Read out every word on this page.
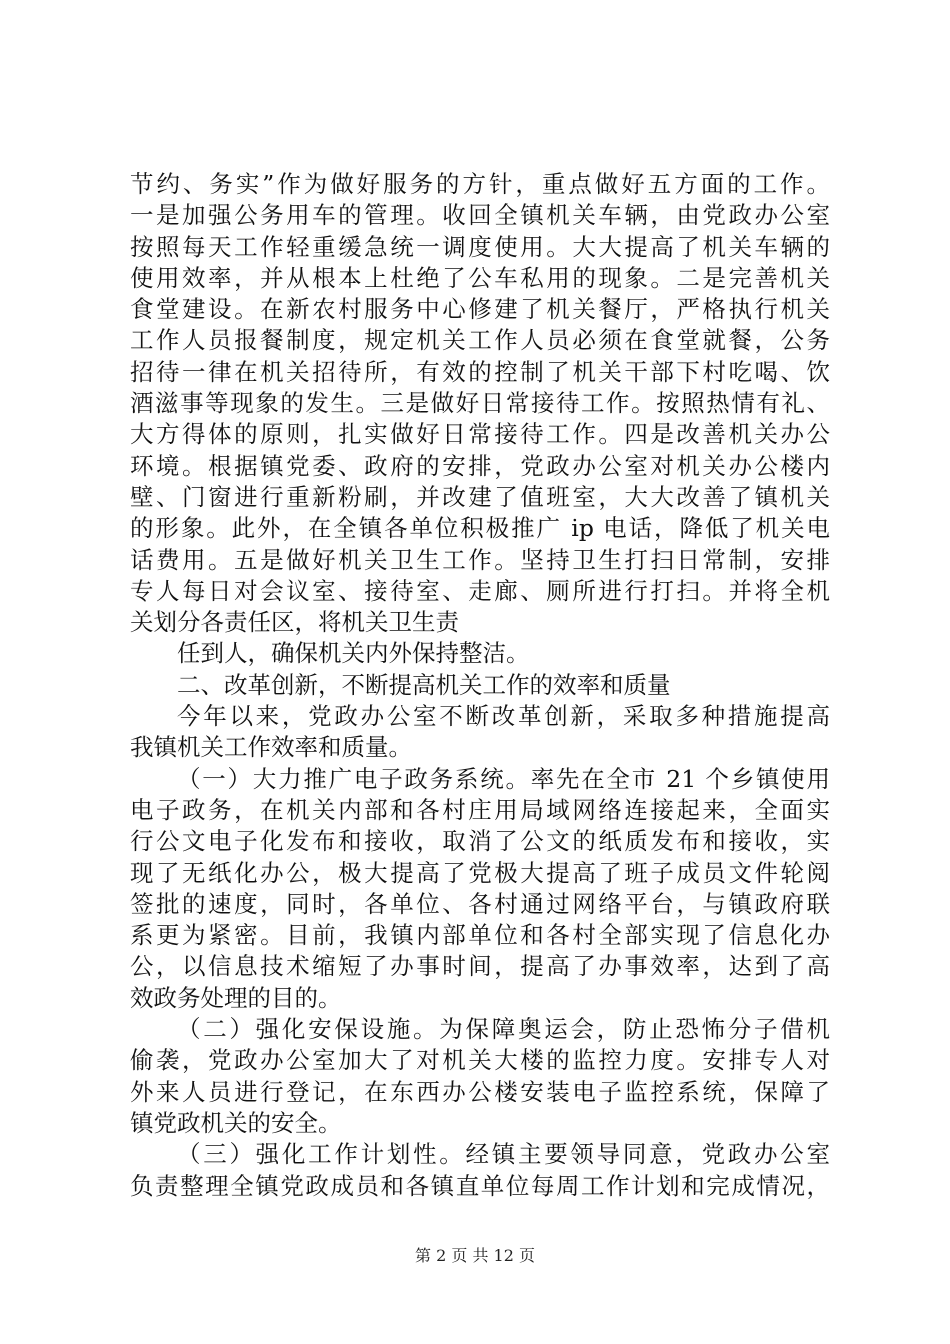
节约、务实”作为做好服务的方针，重点做好五方面的工作。
一是加强公务用车的管理。收回全镇机关车辆，由党政办公室
按照每天工作轻重缓急统一调度使用。大大提高了机关车辆的
使用效率，并从根本上杜绝了公车私用的现象。二是完善机关
食堂建设。在新农村服务中心修建了机关餐厅，严格执行机关
工作人员报餐制度，规定机关工作人员必须在食堂就餐，公务
招待一律在机关招待所，有效的控制了机关干部下村吃喝、饮
酒滋事等现象的发生。三是做好日常接待工作。按照热情有礼、
大方得体的原则，扎实做好日常接待工作。四是改善机关办公
环境。根据镇党委、政府的安排，党政办公室对机关办公楼内
壁、门窗进行重新粉刷，并改建了值班室，大大改善了镇机关
的形象。此外，在全镇各单位积极推广 ip 电话，降低了机关电
话费用。五是做好机关卫生工作。坚持卫生打扫日常制，安排
专人每日对会议室、接待室、走廊、厕所进行打扫。并将全机
关划分各责任区，将机关卫生责
任到人，确保机关内外保持整洁。
二、改革创新，不断提高机关工作的效率和质量
今年以来，党政办公室不断改革创新，采取多种措施提高
我镇机关工作效率和质量。
（一）大力推广电子政务系统。率先在全市 21 个乡镇使用
电子政务，在机关内部和各村庄用局域网络连接起来，全面实
行公文电子化发布和接收，取消了公文的纸质发布和接收，实
现了无纸化办公，极大提高了党极大提高了班子成员文件轮阅
签批的速度，同时，各单位、各村通过网络平台，与镇政府联
系更为紧密。目前，我镇内部单位和各村全部实现了信息化办
公，以信息技术缩短了办事时间，提高了办事效率，达到了高
效政务处理的目的。
（二）强化安保设施。为保障奥运会，防止恐怖分子借机
偷袭，党政办公室加大了对机关大楼的监控力度。安排专人对
外来人员进行登记，在东西办公楼安装电子监控系统，保障了
镇党政机关的安全。
（三）强化工作计划性。经镇主要领导同意，党政办公室
负责整理全镇党政成员和各镇直单位每周工作计划和完成情况，
第 2 页 共 12 页
